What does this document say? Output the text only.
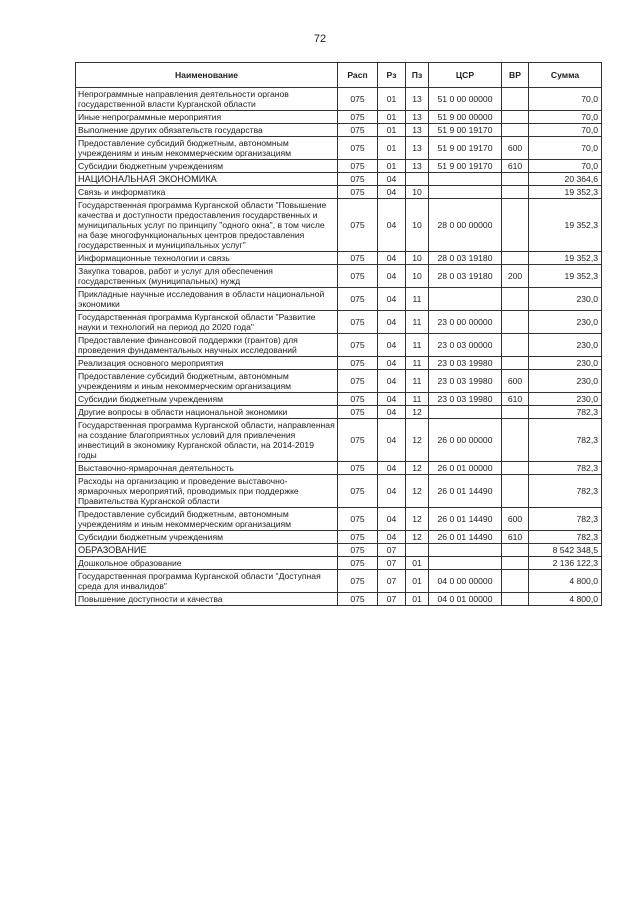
72
Наименование	Расп	Рз	Пз	ЦСР	ВР	Сумма
Непрограммные направления деятельности органов государственной власти Курганской области	075	01	13	51 0 00 00000		70,0
Иные непрограммные мероприятия	075	01	13	51 9 00 00000		70,0
Выполнение других обязательств государства	075	01	13	51 9 00 19170		70,0
Предоставление субсидий бюджетным, автономным учреждениям и иным некоммерческим организациям	075	01	13	51 9 00 19170	600	70,0
Субсидии бюджетным учреждениям	075	01	13	51 9 00 19170	610	70,0
НАЦИОНАЛЬНАЯ ЭКОНОМИКА	075	04				20 364,6
Связь и информатика	075	04	10			19 352,3
Государственная программа Курганской области "Повышение качества и доступности предоставления государственных и муниципальных услуг по принципу "одного окна", в том числе на базе многофункциональных центров предоставления государственных и муниципальных услуг"	075	04	10	28 0 00 00000		19 352,3
Информационные технологии и связь	075	04	10	28 0 03 19180		19 352,3
Закупка товаров, работ и услуг для обеспечения государственных (муниципальных) нужд	075	04	10	28 0 03 19180	200	19 352,3
Прикладные научные исследования в области национальной экономики	075	04	11			230,0
Государственная программа Курганской области "Развитие науки и технологий на период до 2020 года"	075	04	11	23 0 00 00000		230,0
Предоставление финансовой поддержки (грантов) для проведения фундаментальных научных исследований	075	04	11	23 0 03 00000		230,0
Реализация основного мероприятия	075	04	11	23 0 03 19980		230,0
Предоставление субсидий бюджетным, автономным учреждениям и иным некоммерческим организациям	075	04	11	23 0 03 19980	600	230,0
Субсидии бюджетным учреждениям	075	04	11	23 0 03 19980	610	230,0
Другие вопросы в области национальной экономики	075	04	12			782,3
Государственная программа Курганской области, направленная на создание благоприятных условий для привлечения инвестиций в экономику Курганской области, на 2014-2019 годы	075	04	12	26 0 00 00000		782,3
Выставочно-ярмарочная деятельность	075	04	12	26 0 01 00000		782,3
Расходы на организацию и проведение выставочно-ярмарочных мероприятий, проводимых при поддержке Правительства Курганской области	075	04	12	26 0 01 14490		782,3
Предоставление субсидий бюджетным, автономным учреждениям и иным некоммерческим организациям	075	04	12	26 0 01 14490	600	782,3
Субсидии бюджетным учреждениям	075	04	12	26 0 01 14490	610	782,3
ОБРАЗОВАНИЕ	075	07				8 542 348,5
Дошкольное образование	075	07	01			2 136 122,3
Государственная программа Курганской области "Доступная среда для инвалидов"	075	07	01	04 0 00 00000		4 800,0
Повышение доступности и качества	075	07	01	04 0 01 00000		4 800,0
